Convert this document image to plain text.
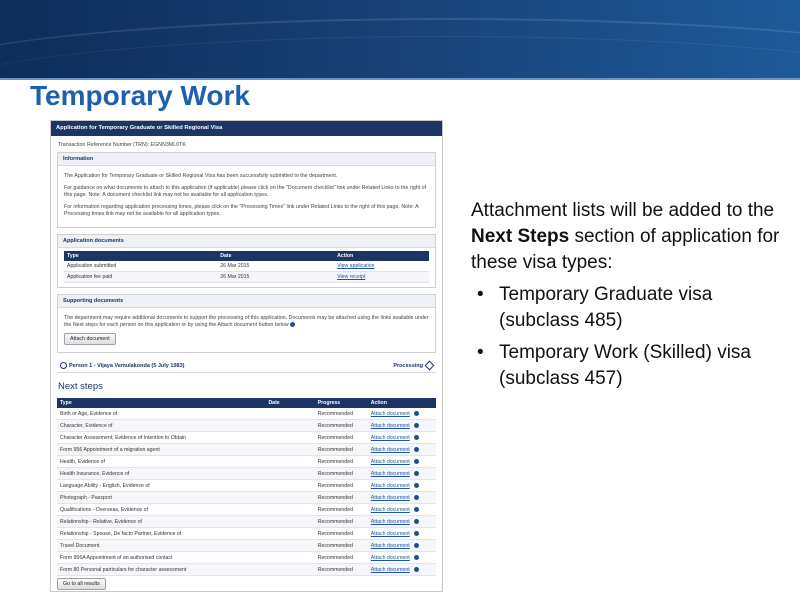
Temporary Work
Application for Temporary Graduate or Skilled Regional Visa
Transaction Reference Number (TRN): EGNN3ML0TK
Information

The Application for Temporary Graduate or Skilled Regional Visa has been successfully submitted to the department.

For guidance on what documents to attach to this application (if applicable) please click on the "Document checklist" link under Related Links to the right of this page. Note: A document checklist link may not be available for all application types.

For information regarding application processing times, please click on the "Processing Times" link under Related Links to the right of this page. Note: A Processing times link may not be available for all application types.

Application documents
Type	Date	Action
Application submitted	26 Mar 2015	View application
Application fee paid	26 Mar 2015	View receipt
Supporting documents

The department may require additional documents to support the processing of this application. Documents may be attached using the links available under the Next steps for each person on this application or by using the Attach document button below

Attach document
Person 1 - Vijaya Vemulakonda (5 July 1983)	Processing
Next steps
Type	Date	Progress	Action
Birth or Age, Evidence of		Recommended	Attach document
Character, Evidence of		Recommended	Attach document
Character Assessment, Evidence of Intention to Obtain		Recommended	Attach document
Form 956 Appointment of a migration agent		Recommended	Attach document
Health, Evidence of		Recommended	Attach document
Health Insurance, Evidence of		Recommended	Attach document
Language Ability - English, Evidence of		Recommended	Attach document
Photograph - Passport		Recommended	Attach document
Qualifications - Overseas, Evidence of		Recommended	Attach document
Relationship - Relative, Evidence of		Recommended	Attach document
Relationship - Spouse, De facto Partner, Evidence of		Recommended	Attach document
Travel Document		Recommended	Attach document
Form 956A Appointment of an authorised contact		Recommended	Attach document
Form 80 Personal particulars for character assessment		Recommended	Attach document
Go to all results

Attachment lists will be added to the Next Steps section of application for these visa types:

• Temporary Graduate visa (subclass 485)
• Temporary Work (Skilled) visa (subclass 457)
